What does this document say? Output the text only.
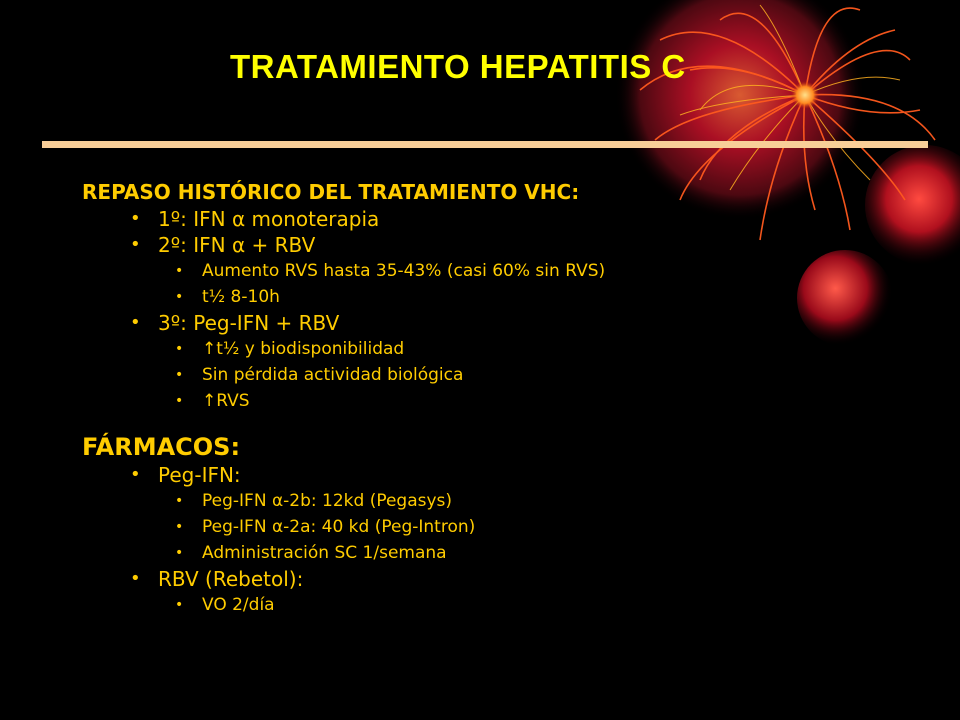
TRATAMIENTO HEPATITIS C
REPASO HISTÓRICO DEL TRATAMIENTO VHC:
• 1º: IFN α monoterapia
• 2º: IFN α + RBV
• Aumento RVS hasta 35-43% (casi 60% sin RVS)
• t½ 8-10h
• 3º: Peg-IFN + RBV
• ↑t½ y biodisponibilidad
• Sin pérdida actividad biológica
• ↑RVS
FÁRMACOS:
• Peg-IFN:
• Peg-IFN α-2b: 12kd (Pegasys)
• Peg-IFN α-2a: 40 kd (Peg-Intron)
• Administración SC 1/semana
• RBV (Rebetol):
• VO 2/día
